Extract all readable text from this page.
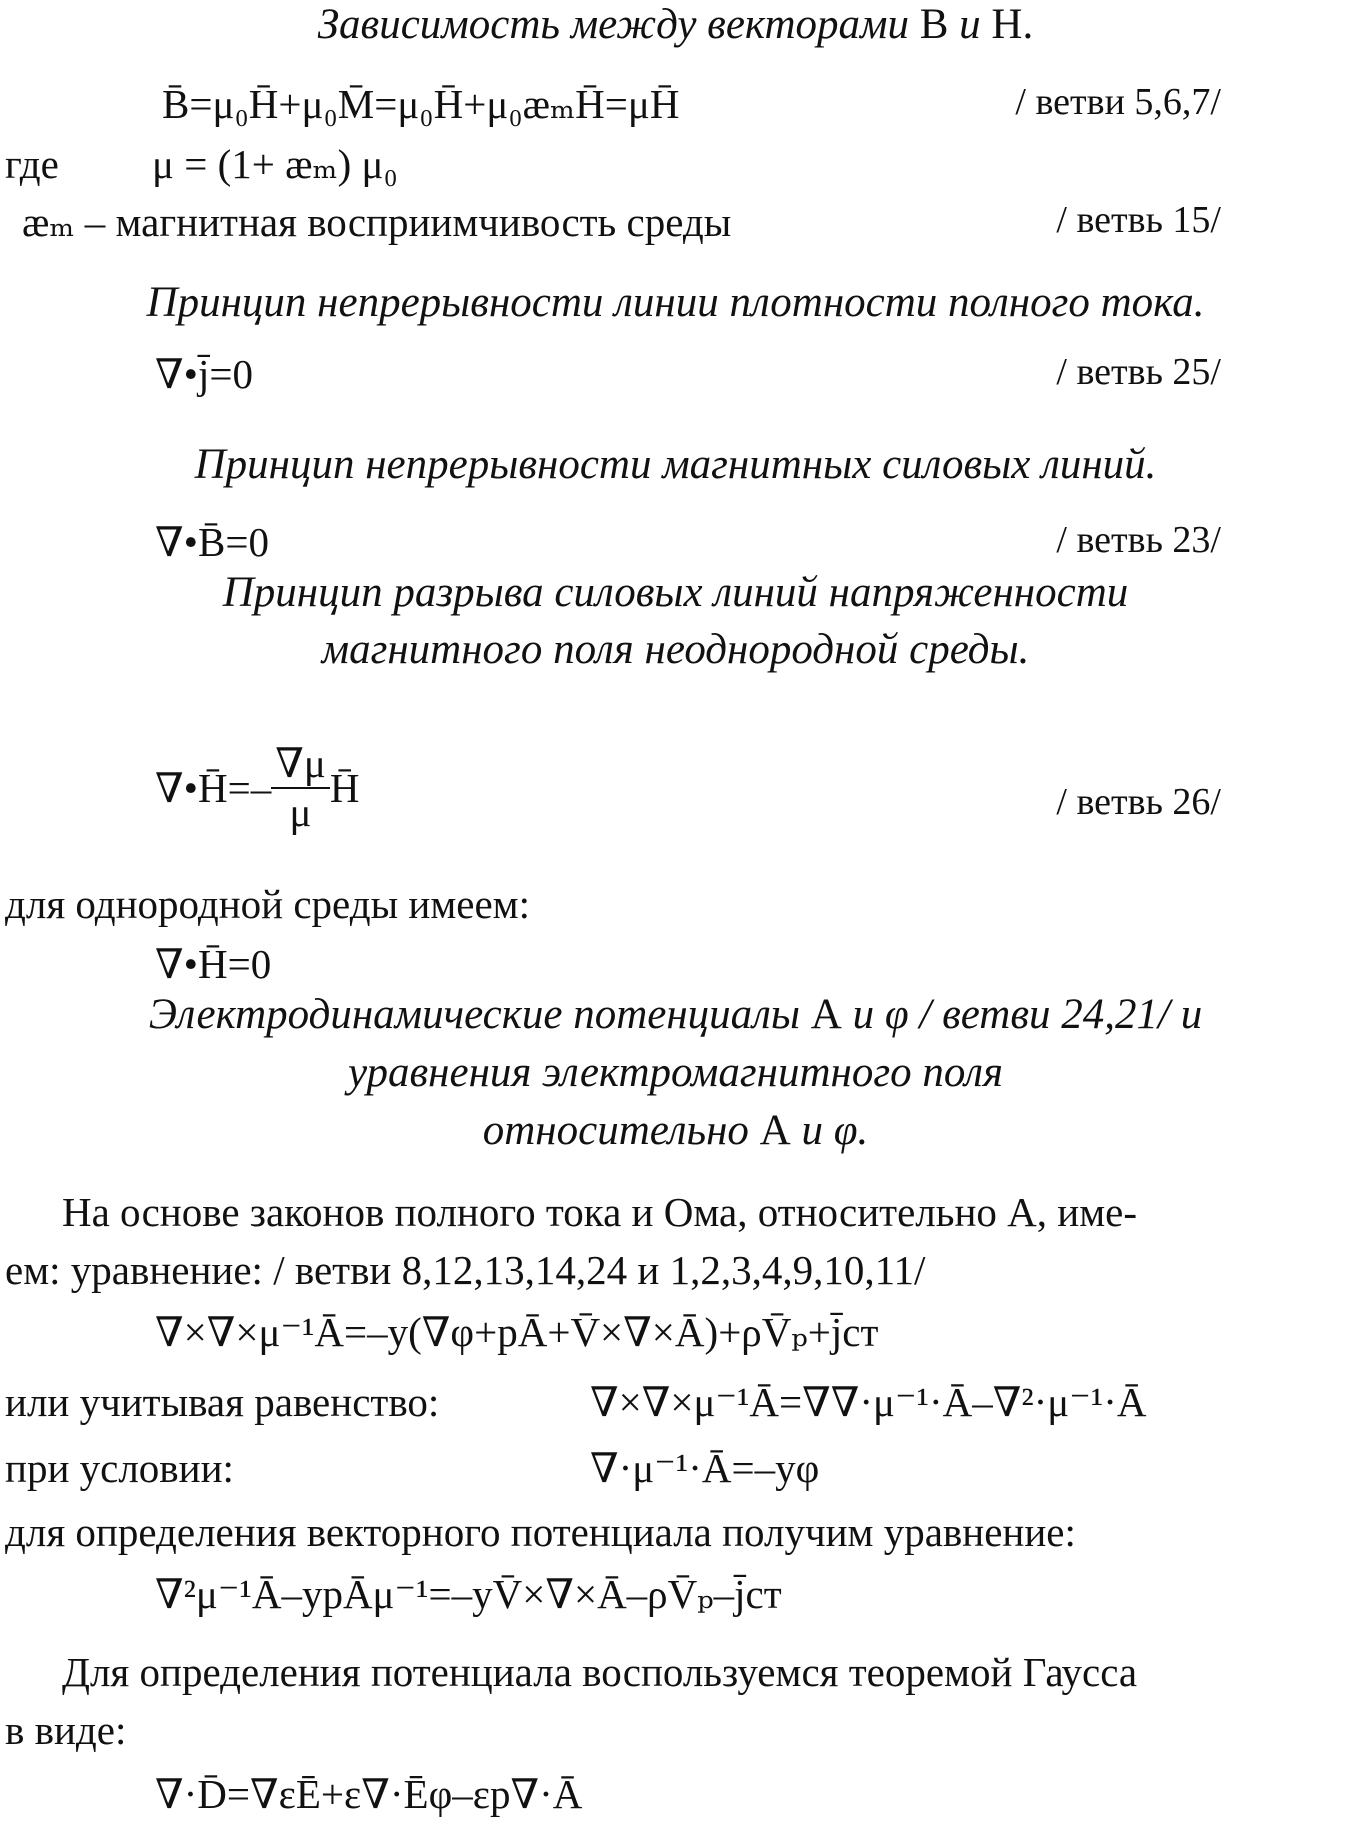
Зависимость между векторами В и Н.
B̄=μ₀H̄+μ₀M̄=μ₀H̄+μ₀æₘH̄=μH̄	/ ветви 5,6,7/
где μ = (1+ æₘ) μ₀
æₘ – магнитная восприимчивость среды	/ ветвь 15/
Принцип непрерывности линии плотности полного тока.
∇•j̄=0	/ ветвь 25/
Принцип непрерывности магнитных силовых линий.
∇•B̄=0	/ ветвь 23/
Принцип разрыва силовых линий напряженности
магнитного поля неоднородной среды.
∇•H̄=– $\frac{\nabla\mu}{\mu}$ H̄	/ ветвь 26/
для однородной среды имеем:
∇•H̄=0
Электродинамические потенциалы А и φ / ветви 24,21/ и
уравнения электромагнитного поля
относительно А и φ.
На основе законов полного тока и Ома, относительно А, име-
ем: уравнение: / ветви 8,12,13,14,24 и 1,2,3,4,9,10,11/
∇×∇×μ⁻¹Ā=–y(∇φ+pĀ+V̄×∇×Ā)+ρV̄ₚ+j̄ст
или учитывая равенство:	∇×∇×μ⁻¹Ā=∇∇·μ⁻¹·Ā–∇²·μ⁻¹·Ā
при условии:	∇·μ⁻¹·Ā=–yφ
для определения векторного потенциала получим уравнение:
∇²μ⁻¹Ā–ypĀμ⁻¹=–yV̄×∇×Ā–ρV̄ₚ–j̄ст
Для определения потенциала воспользуемся теоремой Гаусса
в виде:
∇·D̄=∇εĒ+ε∇·Ēφ–εp∇·Ā
